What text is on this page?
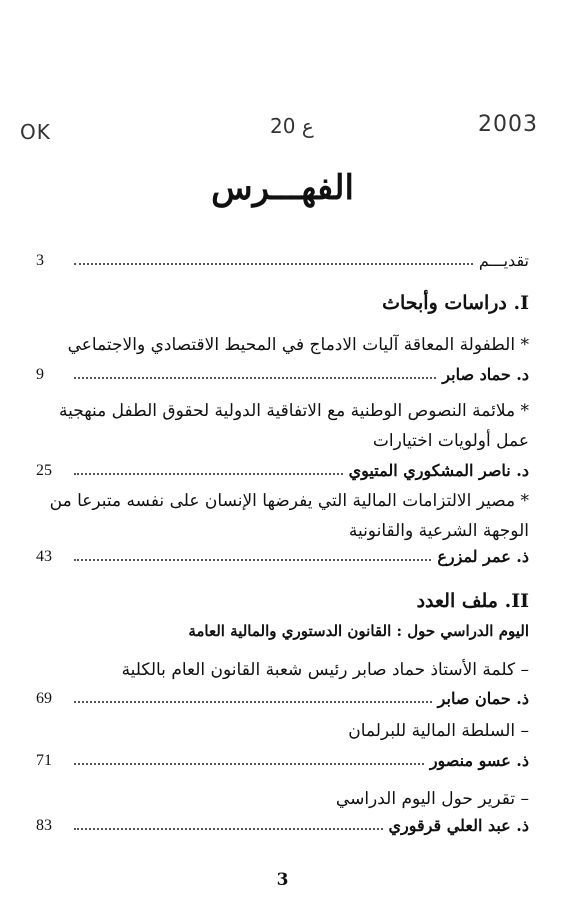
OK	20 ع	2003
الفهـــرس
3	تقديـــم
I. دراسات وأبحاث
* الطفولة المعاقة آليات الادماج في المحيط الاقتصادي والاجتماعي
9	د. حماد صابر
* ملائمة النصوص الوطنية مع الاتفاقية الدولية لحقوق الطفل منهجية عمل أولويات اختيارات
25	د. ناصر المشكوري المتيوي
* مصير الالتزامات المالية التي يفرضها الإنسان على نفسه متبرعا من الوجهة الشرعية والقانونية
43	ذ. عمر لمزرع
II. ملف العدد
اليوم الدراسي حول : القانون الدستوري والمالية العامة
– كلمة الأستاذ حماد صابر رئيس شعبة القانون العام بالكلية
69	ذ. حمان صابر
– السلطة المالية للبرلمان
71	ذ. عسو منصور
– تقرير حول اليوم الدراسي
83	ذ. عبد العلي قرقوري
3
